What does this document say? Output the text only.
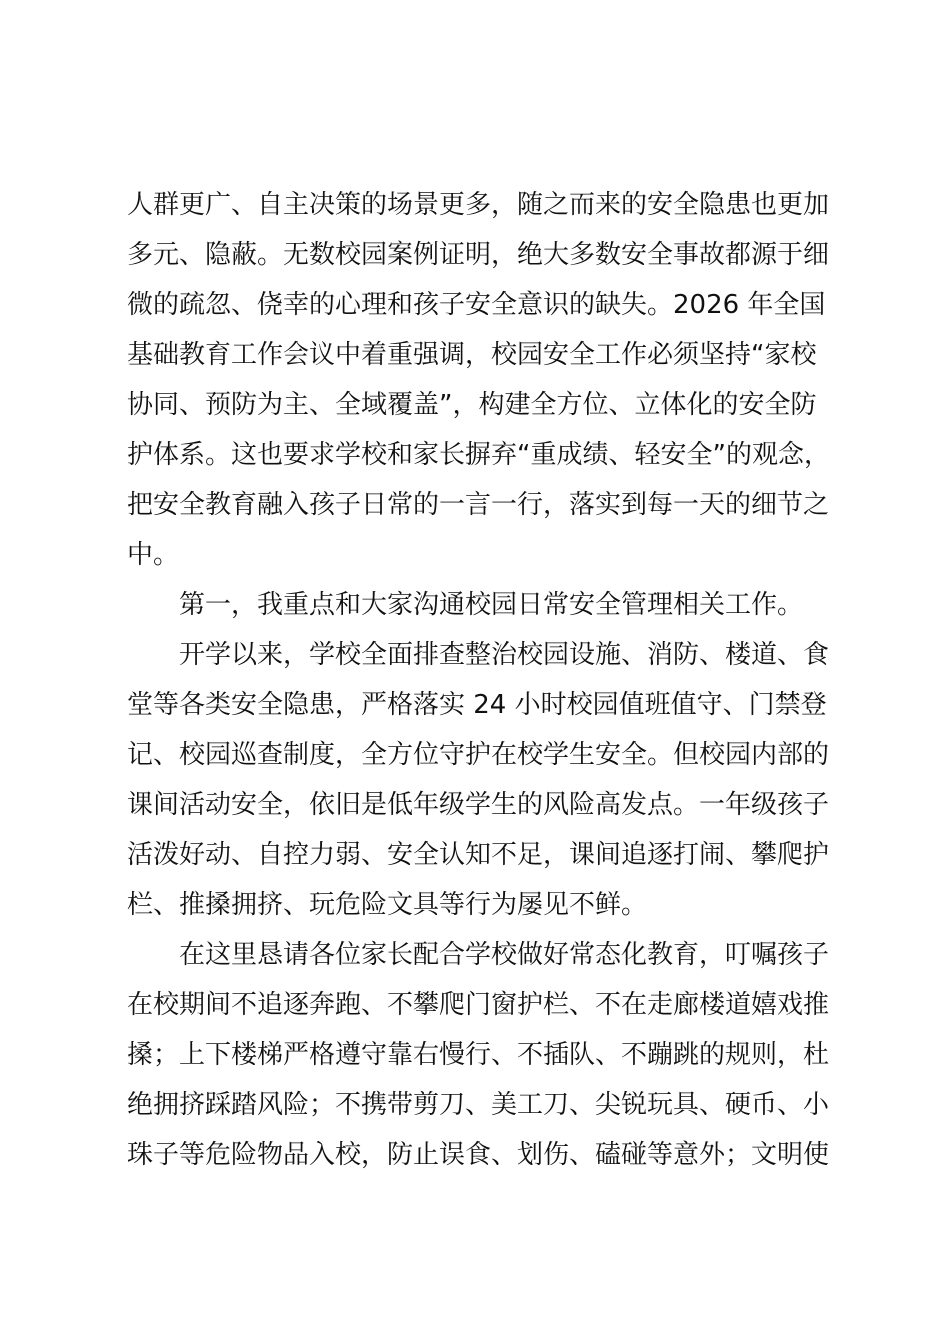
人群更广、自主决策的场景更多，随之而来的安全隐患也更加
多元、隐蔽。无数校园案例证明，绝大多数安全事故都源于细
微的疏忽、侥幸的心理和孩子安全意识的缺失。2026 年全国
基础教育工作会议中着重强调，校园安全工作必须坚持“家校
协同、预防为主、全域覆盖”，构建全方位、立体化的安全防
护体系。这也要求学校和家长摒弃“重成绩、轻安全”的观念，
把安全教育融入孩子日常的一言一行，落实到每一天的细节之
中。
第一，我重点和大家沟通校园日常安全管理相关工作。
开学以来，学校全面排查整治校园设施、消防、楼道、食
堂等各类安全隐患，严格落实 24 小时校园值班值守、门禁登
记、校园巡查制度，全方位守护在校学生安全。但校园内部的
课间活动安全，依旧是低年级学生的风险高发点。一年级孩子
活泼好动、自控力弱、安全认知不足，课间追逐打闹、攀爬护
栏、推搡拥挤、玩危险文具等行为屡见不鲜。
在这里恳请各位家长配合学校做好常态化教育，叮嘱孩子
在校期间不追逐奔跑、不攀爬门窗护栏、不在走廊楼道嬉戏推
搡；上下楼梯严格遵守靠右慢行、不插队、不蹦跳的规则，杜
绝拥挤踩踏风险；不携带剪刀、美工刀、尖锐玩具、硬币、小
珠子等危险物品入校，防止误食、划伤、磕碰等意外；文明使
